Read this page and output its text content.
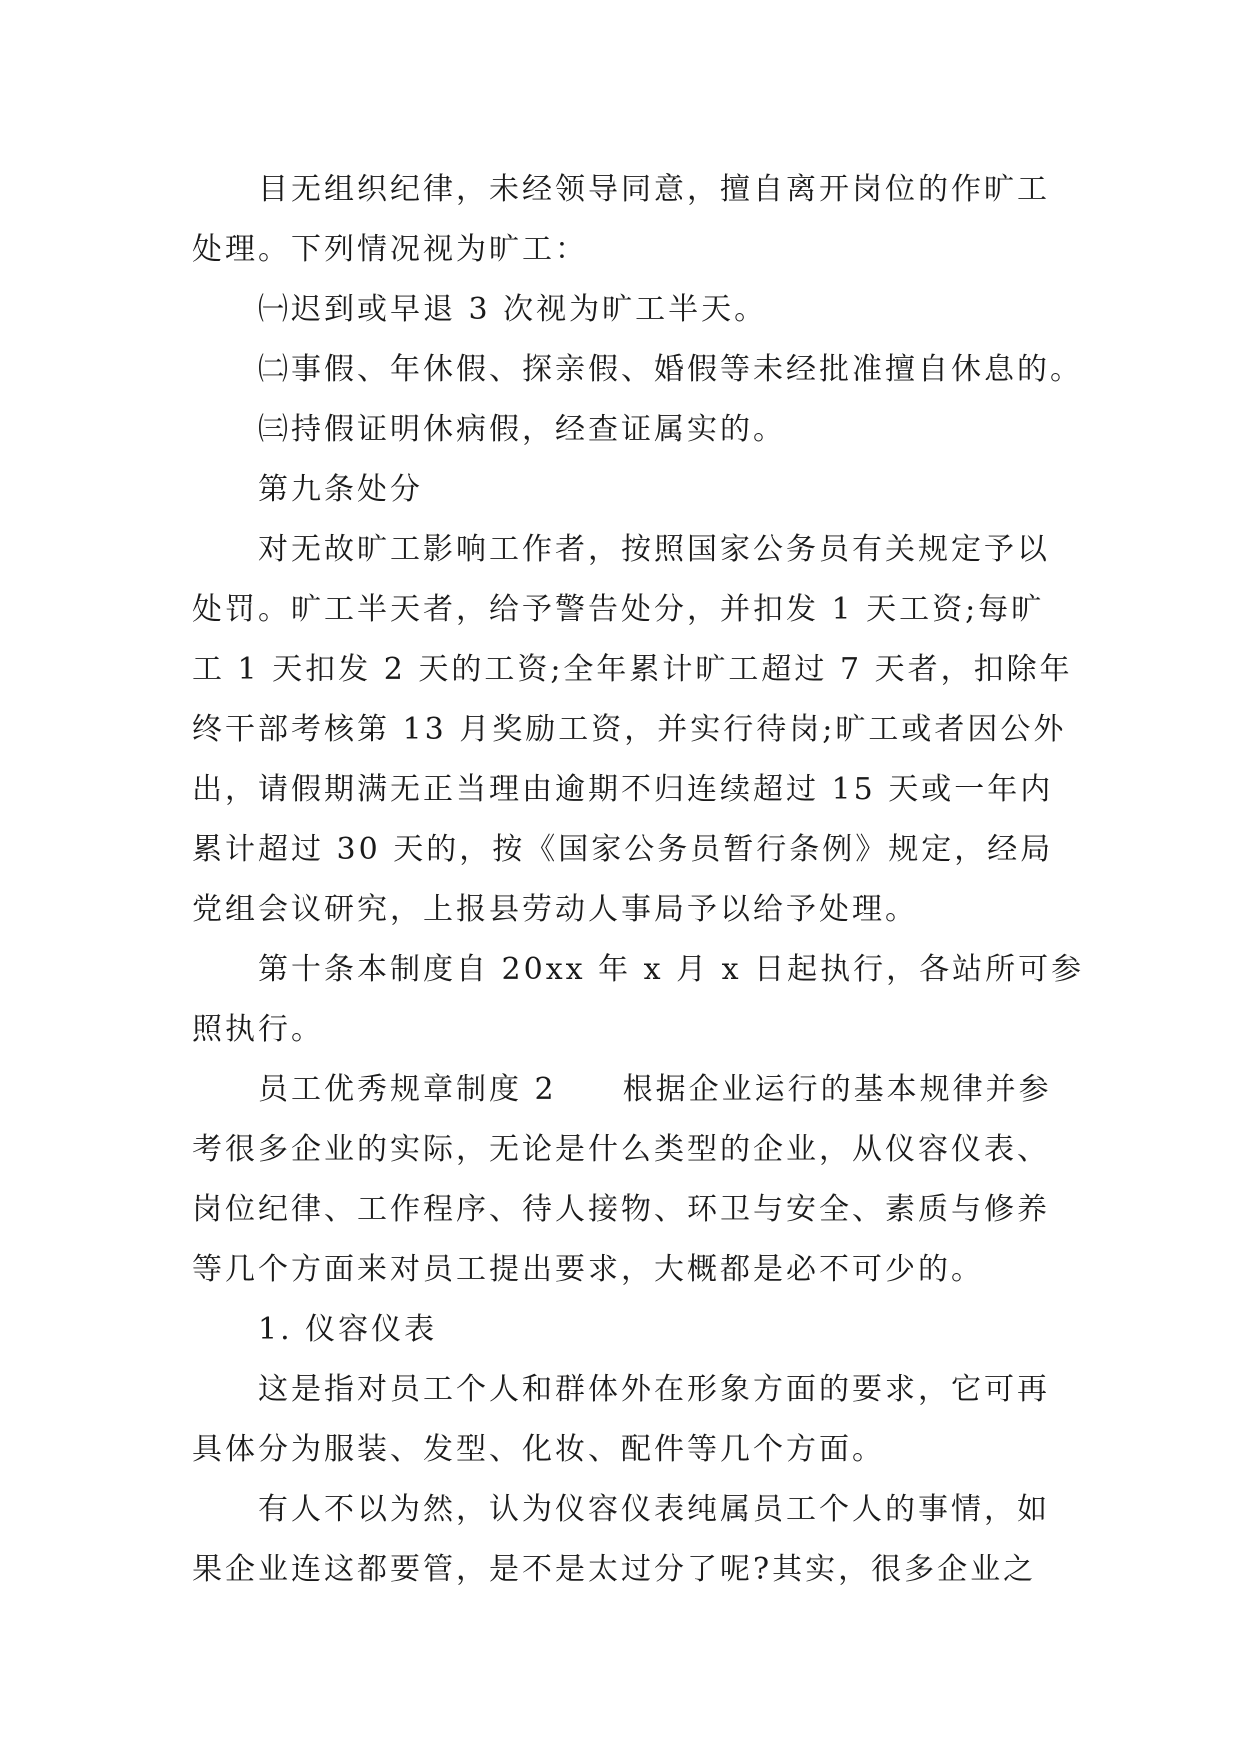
目无组织纪律，未经领导同意，擅自离开岗位的作旷工
处理。下列情况视为旷工：
㈠迟到或早退 3 次视为旷工半天。
㈡事假、年休假、探亲假、婚假等未经批准擅自休息的。
㈢持假证明休病假，经查证属实的。
第九条处分
对无故旷工影响工作者，按照国家公务员有关规定予以
处罚。旷工半天者，给予警告处分，并扣发 1 天工资;每旷
工 1 天扣发 2 天的工资;全年累计旷工超过 7 天者，扣除年
终干部考核第 13 月奖励工资，并实行待岗;旷工或者因公外
出，请假期满无正当理由逾期不归连续超过 15 天或一年内
累计超过 30 天的，按《国家公务员暂行条例》规定，经局
党组会议研究，上报县劳动人事局予以给予处理。
第十条本制度自 20xx 年 x 月 x 日起执行，各站所可参
照执行。
员工优秀规章制度 2　　根据企业运行的基本规律并参
考很多企业的实际，无论是什么类型的企业，从仪容仪表、
岗位纪律、工作程序、待人接物、环卫与安全、素质与修养
等几个方面来对员工提出要求，大概都是必不可少的。
1. 仪容仪表
这是指对员工个人和群体外在形象方面的要求，它可再
具体分为服装、发型、化妆、配件等几个方面。
有人不以为然，认为仪容仪表纯属员工个人的事情，如
果企业连这都要管，是不是太过分了呢?其实，很多企业之
